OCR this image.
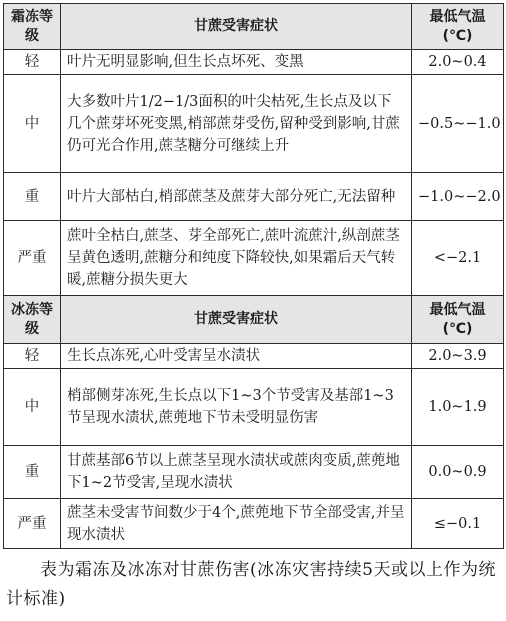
霜冻等级	甘蔗受害症状	最低气温(℃)
轻	叶片无明显影响,但生长点坏死、变黑	2.0~0.4
中	大多数叶片1/2−1/3面积的叶尖枯死,生长点及以下几个蔗芽坏死变黑,梢部蔗芽受伤,留种受到影响,甘蔗仍可光合作用,蔗茎糖分可继续上升	−0.5~−1.0
重	叶片大部枯白,梢部蔗茎及蔗芽大部分死亡,无法留种	−1.0~−2.0
严重	蔗叶全枯白,蔗茎、芽全部死亡,蔗叶流蔗汁,纵剖蔗茎呈黄色透明,蔗糖分和纯度下降较快,如果霜后天气转暖,蔗糖分损失更大	<−2.1
冰冻等级	甘蔗受害症状	最低气温(℃)
轻	生长点冻死,心叶受害呈水渍状	2.0~3.9
中	梢部侧芽冻死,生长点以下1~3个节受害及基部1~3节呈现水渍状,蔗蔸地下节未受明显伤害	1.0~1.9
重	甘蔗基部6节以上蔗茎呈现水渍状或蔗肉变质,蔗蔸地下1~2节受害,呈现水渍状	0.0~0.9
严重	蔗茎未受害节间数少于4个,蔗蔸地下节全部受害,并呈现水渍状	≤−0.1
表为霜冻及冰冻对甘蔗伤害(冰冻灾害持续5天或以上作为统计标准)
